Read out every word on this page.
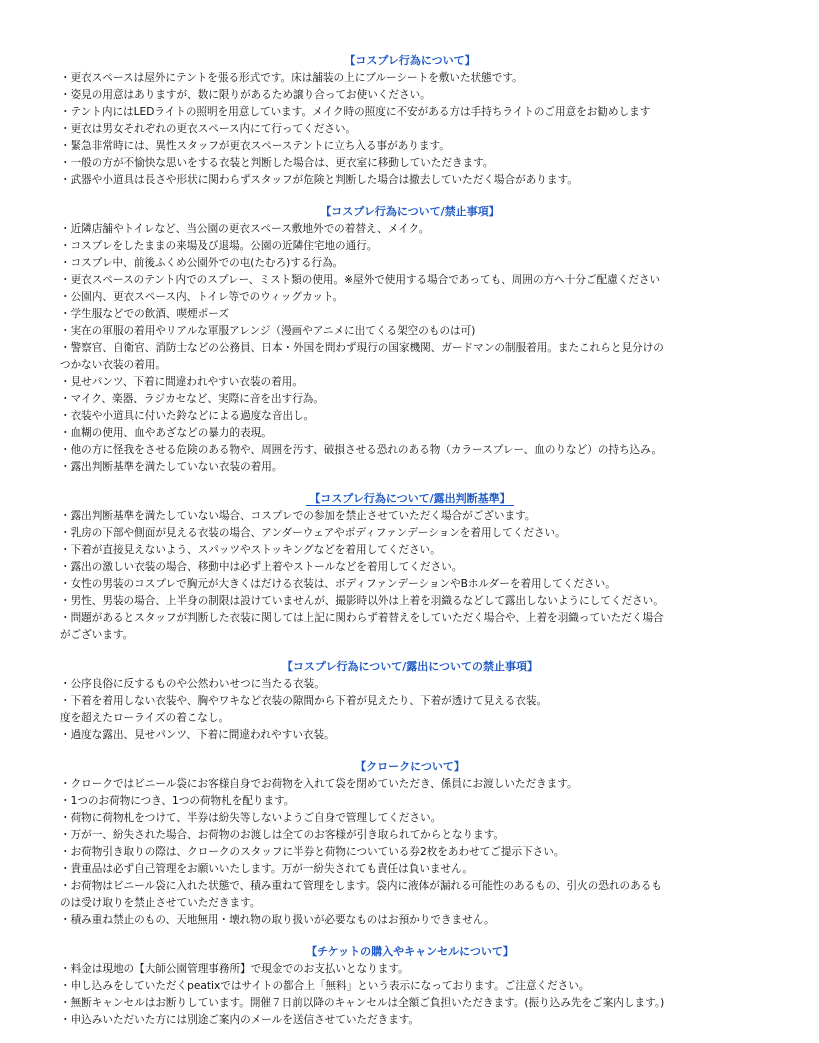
【コスプレ行為について】
・更衣スペースは屋外にテントを張る形式です。床は舗装の上にブルーシートを敷いた状態です。
・姿見の用意はありますが、数に限りがあるため譲り合ってお使いください。
・テント内にはLEDライトの照明を用意しています。メイク時の照度に不安がある方は手持ちライトのご用意をお勧めします
・更衣は男女それぞれの更衣スペース内にて行ってください。
・緊急非常時には、異性スタッフが更衣スペーステントに立ち入る事があります。
・一般の方が不愉快な思いをする衣装と判断した場合は、更衣室に移動していただきます。
・武器や小道具は長さや形状に関わらずスタッフが危険と判断した場合は撤去していただく場合があります。
【コスプレ行為について/禁止事項】
・近隣店舗やトイレなど、当公園の更衣スペース敷地外での着替え、メイク。
・コスプレをしたままの来場及び退場。公園の近隣住宅地の通行。
・コスプレ中、前後ふくめ公園外での屯(たむろ)する行為。
・更衣スペースのテント内でのスプレー、ミスト類の使用。※屋外で使用する場合であっても、周囲の方へ十分ご配慮ください
・公園内、更衣スペース内、トイレ等でのウィッグカット。
・学生服などでの飲酒、喫煙ポーズ
・実在の軍服の着用やリアルな軍服アレンジ（漫画やアニメに出てくる架空のものは可)
・警察官、自衛官、消防士などの公務員、日本・外国を問わず現行の国家機関、ガードマンの制服着用。またこれらと見分けの
つかない衣装の着用。
・見せパンツ、下着に間違われやすい衣装の着用。
・マイク、楽器、ラジカセなど、実際に音を出す行為。
・衣装や小道具に付いた鈴などによる過度な音出し。
・血糊の使用、血やあざなどの暴力的表現。
・他の方に怪我をさせる危険のある物や、周囲を汚す、破損させる恐れのある物（カラースプレー、血のりなど）の持ち込み。
・露出判断基準を満たしていない衣装の着用。
【コスプレ行為について/露出判断基準】
・露出判断基準を満たしていない場合、コスプレでの参加を禁止させていただく場合がございます。
・乳房の下部や側面が見える衣装の場合、アンダーウェアやボディファンデーションを着用してください。
・下着が直接見えないよう、スパッツやストッキングなどを着用してください。
・露出の激しい衣装の場合、移動中は必ず上着やストールなどを着用してください。
・女性の男装のコスプレで胸元が大きくはだける衣装は、ボディファンデーションやBホルダーを着用してください。
・男性、男装の場合、上半身の制限は設けていませんが、撮影時以外は上着を羽織るなどして露出しないようにしてください。
・問題があるとスタッフが判断した衣装に関しては上記に関わらず着替えをしていただく場合や、上着を羽織っていただく場合
がございます。
【コスプレ行為について/露出についての禁止事項】
・公序良俗に反するものや公然わいせつに当たる衣装。
・下着を着用しない衣装や、胸やワキなど衣装の隙間から下着が見えたり、下着が透けて見える衣装。
度を超えたローライズの着こなし。
・過度な露出、見せパンツ、下着に間違われやすい衣装。
【クロークについて】
・クロークではビニール袋にお客様自身でお荷物を入れて袋を閉めていただき、係員にお渡しいただきます。
・1つのお荷物につき、1つの荷物札を配ります。
・荷物に荷物札をつけて、半券は紛失等しないようご自身で管理してください。
・万が一、紛失された場合、お荷物のお渡しは全てのお客様が引き取られてからとなります。
・お荷物引き取りの際は、クロークのスタッフに半券と荷物についている券2枚をあわせてご提示下さい。
・貴重品は必ず自己管理をお願いいたします。万が一紛失されても責任は負いません。
・お荷物はビニール袋に入れた状態で、積み重ねて管理をします。袋内に液体が漏れる可能性のあるもの、引火の恐れのあるも
のは受け取りを禁止させていただきます。
・積み重ね禁止のもの、天地無用・壊れ物の取り扱いが必要なものはお預かりできません。
【チケットの購入やキャンセルについて】
・料金は現地の【大師公園管理事務所】で現金でのお支払いとなります。
・申し込みをしていただくpeatixではサイトの都合上「無料」という表示になっております。ご注意ください。
・無断キャンセルはお断りしています。開催７日前以降のキャンセルは全額ご負担いただきます。(振り込み先をご案内します。)
・申込みいただいた方には別途ご案内のメールを送信させていただきます。
